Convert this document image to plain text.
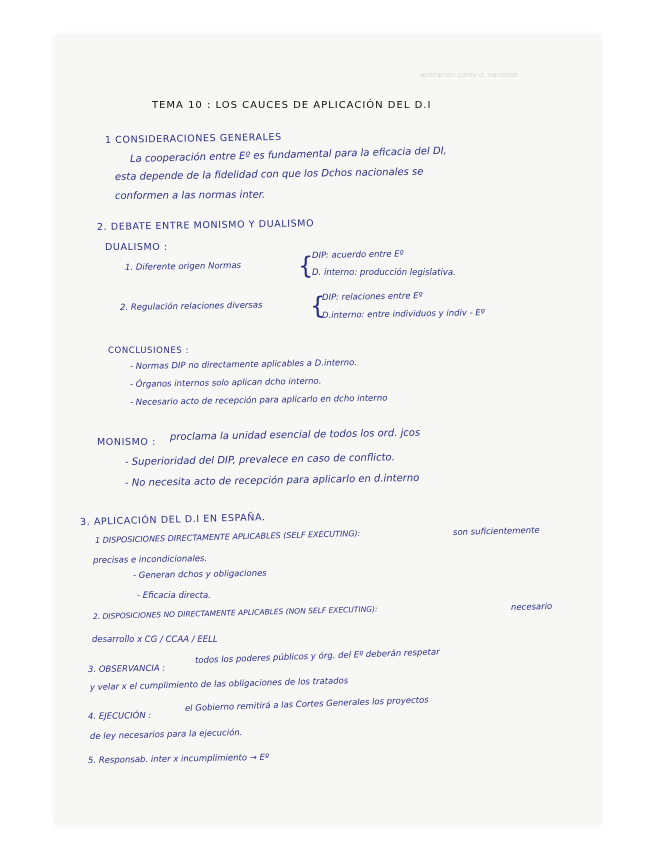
aplicación como d. nacional
TEMA 10 : LOS CAUCES DE APLICACIÓN DEL D.I
1 CONSIDERACIONES GENERALES
La cooperación entre Eº es fundamental para la eficacia del DI,
esta depende de la fidelidad con que los Dchos nacionales se
conformen a las normas inter.
2. DEBATE ENTRE MONISMO Y DUALISMO
DUALISMO :
1. Diferente origen Normas {
DIP: acuerdo entre Eº
D. interno: producción legislativa.
2. Regulación relaciones diversas {
DIP: relaciones entre Eº
D.interno: entre individuos y indiv - Eº
CONCLUSIONES :
- Normas DIP no directamente aplicables a D.interno.
- Órganos internos solo aplican dcho interno.
- Necesario acto de recepción para aplicarlo en dcho interno
MONISMO : proclama la unidad esencial de todos los ord. jcos
- Superioridad del DIP, prevalece en caso de conflicto.
- No necesita acto de recepción para aplicarlo en d.interno
3. APLICACIÓN DEL D.I EN ESPAÑA.
1 DISPOSICIONES DIRECTAMENTE APLICABLES (SELF EXECUTING):	son suficientemente
precisas e incondicionales.
- Generan dchos y obligaciones
- Eficacia directa.
2. DISPOSICIONES NO DIRECTAMENTE APLICABLES (NON SELF EXECUTING):	necesario
desarrollo x CG / CCAA / EELL
3. OBSERVANCIA :
todos los poderes públicos y órg. del Eº deberán respetar
y velar x el cumplimiento de las obligaciones de los tratados
4. EJECUCIÓN :
el Gobierno remitirá a las Cortes Generales los proyectos
de ley necesarios para la ejecución.
5. Responsab. inter x incumplimiento → Eº
